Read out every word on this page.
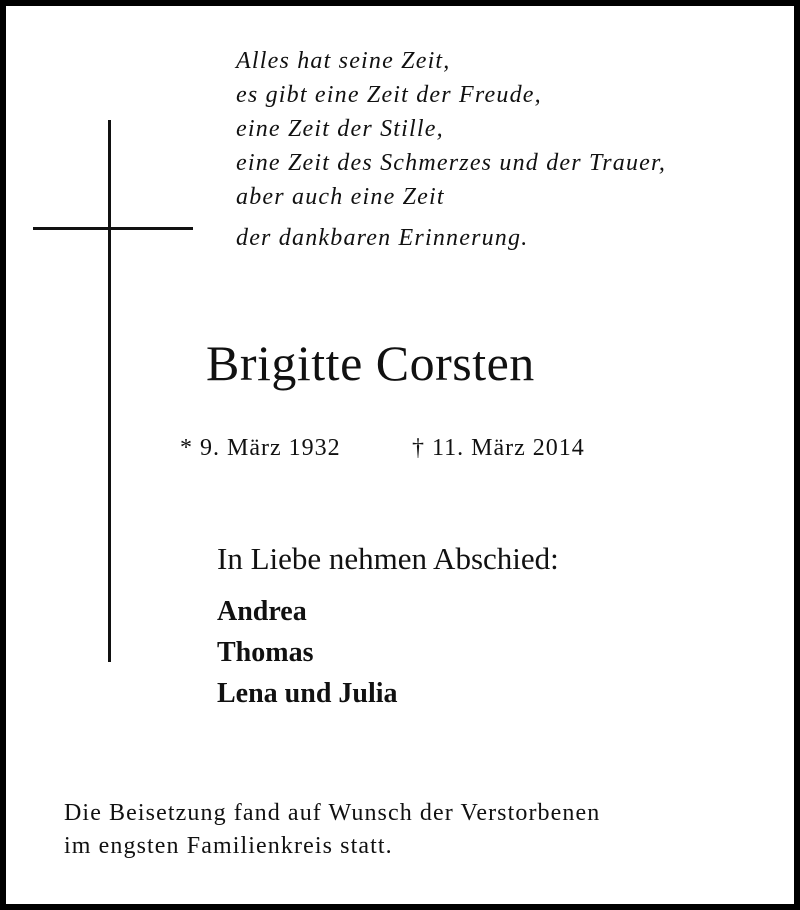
Alles hat seine Zeit,
es gibt eine Zeit der Freude,
eine Zeit der Stille,
eine Zeit des Schmerzes und der Trauer,
aber auch eine Zeit
der dankbaren Erinnerung.
Brigitte Corsten
* 9. März 1932	† 11. März 2014
In Liebe nehmen Abschied:
Andrea
Thomas
Lena und Julia
Die Beisetzung fand auf Wunsch der Verstorbenen
im engsten Familienkreis statt.
